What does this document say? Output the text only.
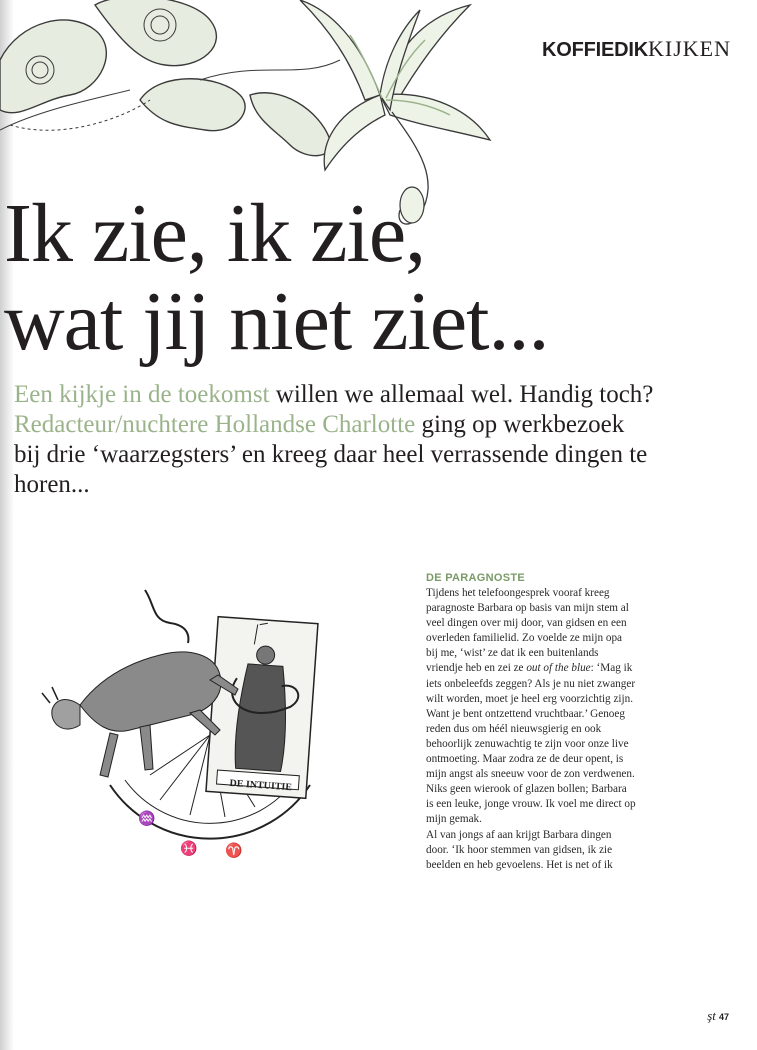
KOFFIEDIKKIJKEN
Ik zie, ik zie,
wat jij niet ziet...

Een kijkje in de toekomst willen we allemaal wel. Handig toch? Redacteur/nuchtere Hollandse Charlotte ging op werkbezoek bij drie ‘waarzegsters’ en kreeg daar heel verrassende dingen te horen...

♒
♓ ♈
DE INTUITIE
DE PARAGNOSTE

Tijdens het telefoongesprek vooraf kreeg paragnoste Barbara op basis van mijn stem al veel dingen over mij door, van gidsen en een overleden familielid. Zo voelde ze mijn opa bij me, ‘wist’ ze dat ik een buitenlands vriendje heb en zei ze out of the blue: ‘Mag ik iets onbeleefds zeggen? Als je nu niet zwanger wilt worden, moet je heel erg voorzichtig zijn. Want je bent ontzettend vruchtbaar.’ Genoeg reden dus om héél nieuwsgierig en ook behoorlijk zenuwachtig te zijn voor onze live ontmoeting. Maar zodra ze de deur opent, is mijn angst als sneeuw voor de zon verdwenen. Niks geen wierook of glazen bollen; Barbara is een leuke, jonge vrouw. Ik voel me direct op mijn gemak.

Al van jongs af aan krijgt Barbara dingen door. ‘Ik hoor stemmen van gidsen, ik zie beelden en heb gevoelens. Het is net of ik

şt 47
